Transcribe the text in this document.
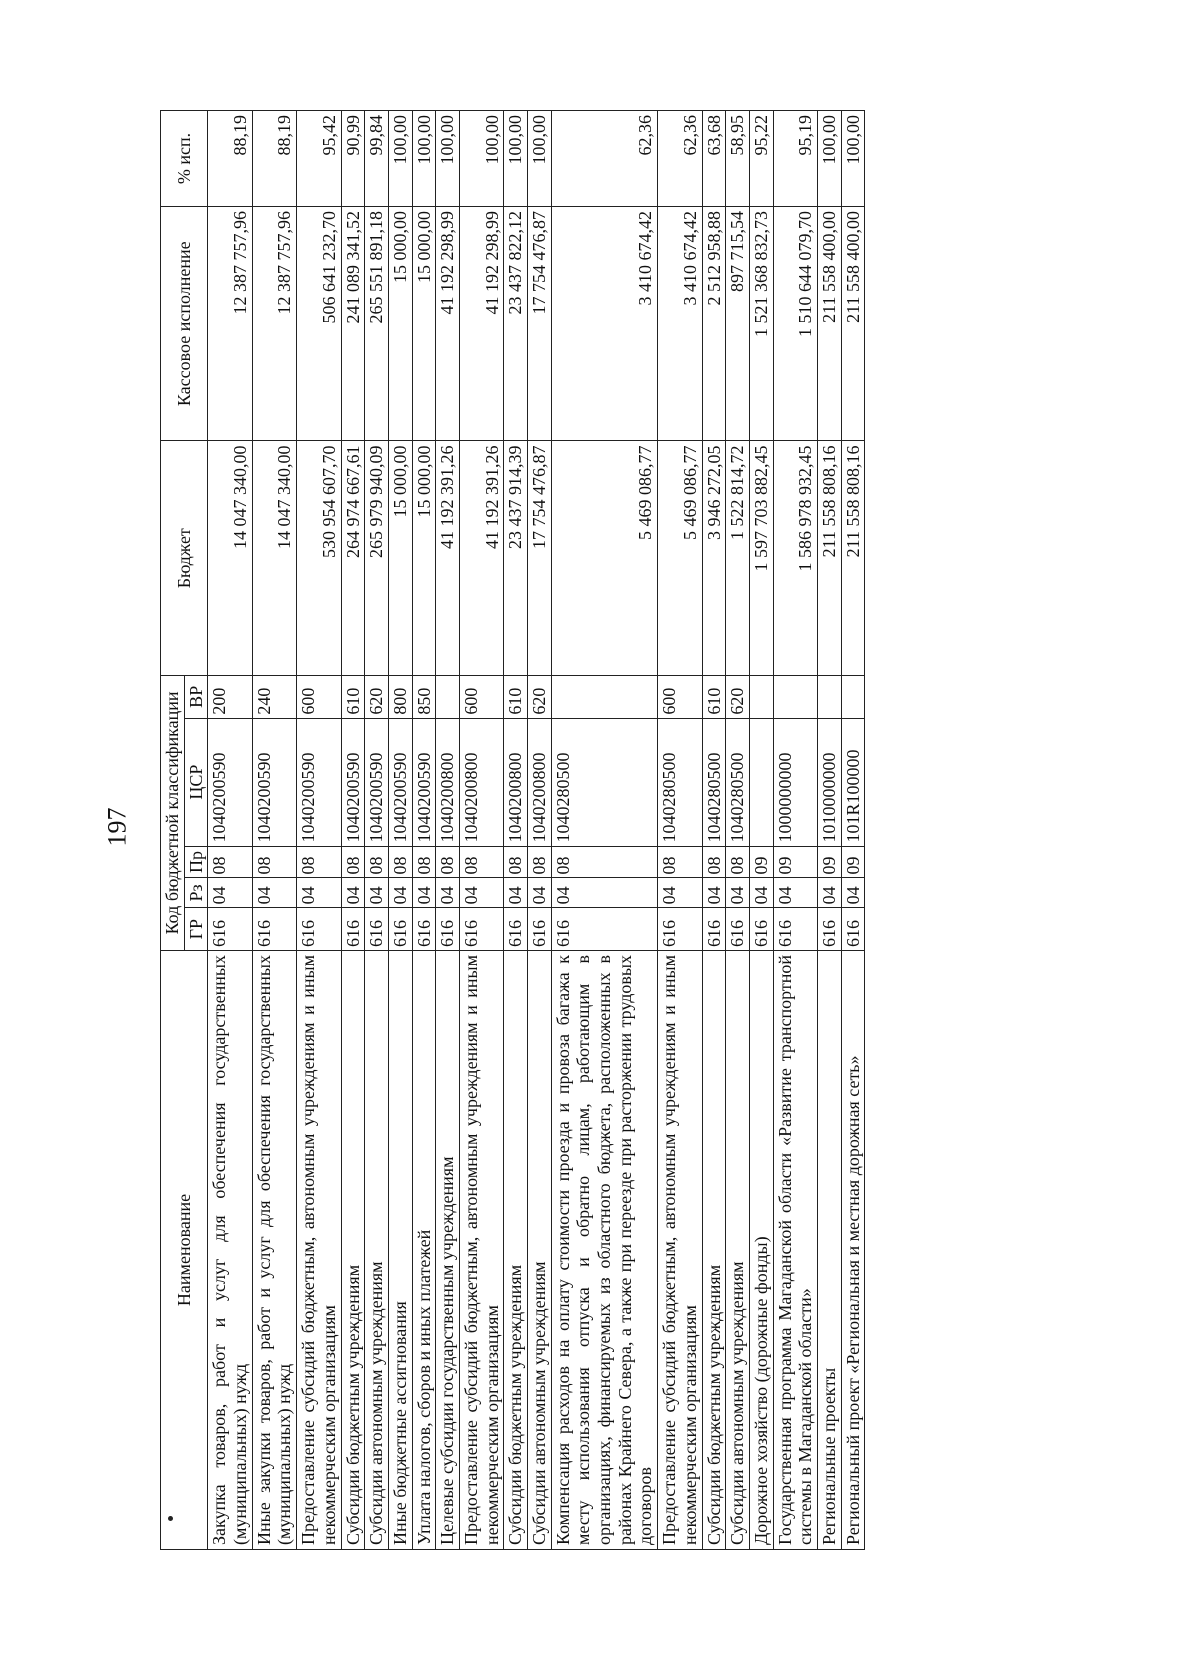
197
Наименование	Код бюджетной классификации					Бюджет	Кассовое исполнение	% исп.
	ГР	Рз	Пр	ЦСР	ВР			
Закупка товаров, работ и услуг для обеспечения государственных (муниципальных) нужд	616	04	08	1040200590	200	14 047 340,00	12 387 757,96	88,19
Иные закупки товаров, работ и услуг для обеспечения государственных (муниципальных) нужд	616	04	08	1040200590	240	14 047 340,00	12 387 757,96	88,19
Предоставление субсидий бюджетным, автономным учреждениям и иным некоммерческим организациям	616	04	08	1040200590	600	530 954 607,70	506 641 232,70	95,42
Субсидии бюджетным учреждениям	616	04	08	1040200590	610	264 974 667,61	241 089 341,52	90,99
Субсидии автономным учреждениям	616	04	08	1040200590	620	265 979 940,09	265 551 891,18	99,84
Иные бюджетные ассигнования	616	04	08	1040200590	800	15 000,00	15 000,00	100,00
Уплата налогов, сборов и иных платежей	616	04	08	1040200590	850	15 000,00	15 000,00	100,00
Целевые субсидии государственным учреждениям	616	04	08	1040200800		41 192 391,26	41 192 298,99	100,00
Предоставление субсидий бюджетным, автономным учреждениям и иным некоммерческим организациям	616	04	08	1040200800	600	41 192 391,26	41 192 298,99	100,00
Субсидии бюджетным учреждениям	616	04	08	1040200800	610	23 437 914,39	23 437 822,12	100,00
Субсидии автономным учреждениям	616	04	08	1040200800	620	17 754 476,87	17 754 476,87	100,00
Компенсация расходов на оплату стоимости проезда и провоза багажа к месту использования отпуска и обратно лицам, работающим в организациях, финансируемых из областного бюджета, расположенных в районах Крайнего Севера, а также при переезде при расторжении трудовых договоров	616	04	08	1040280500		5 469 086,77	3 410 674,42	62,36
Предоставление субсидий бюджетным, автономным учреждениям и иным некоммерческим организациям	616	04	08	1040280500	600	5 469 086,77	3 410 674,42	62,36
Субсидии бюджетным учреждениям	616	04	08	1040280500	610	3 946 272,05	2 512 958,88	63,68
Субсидии автономным учреждениям	616	04	08	1040280500	620	1 522 814,72	897 715,54	58,95
Дорожное хозяйство (дорожные фонды)	616	04	09			1 597 703 882,45	1 521 368 832,73	95,22
Государственная программа Магаданской области «Развитие транспортной системы в Магаданской области»	616	04	09	1000000000		1 586 978 932,45	1 510 644 079,70	95,19
Региональные проекты	616	04	09	1010000000		211 558 808,16	211 558 400,00	100,00
Региональный проект «Региональная и местная дорожная сеть»	616	04	09	101R100000		211 558 808,16	211 558 400,00	100,00
